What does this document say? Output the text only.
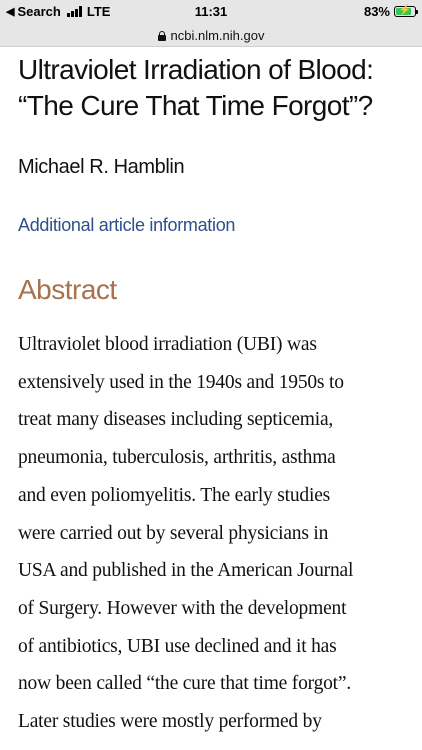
◀ Search LTE	11:31	83% ⚡
ncbi.nlm.nih.gov
Ultraviolet Irradiation of Blood:
“The Cure That Time Forgot”?
Michael R. Hamblin
Additional article information
Abstract
Ultraviolet blood irradiation (UBI) was
extensively used in the 1940s and 1950s to
treat many diseases including septicemia,
pneumonia, tuberculosis, arthritis, asthma
and even poliomyelitis. The early studies
were carried out by several physicians in
USA and published in the American Journal
of Surgery. However with the development
of antibiotics, UBI use declined and it has
now been called “the cure that time forgot”.
Later studies were mostly performed by
